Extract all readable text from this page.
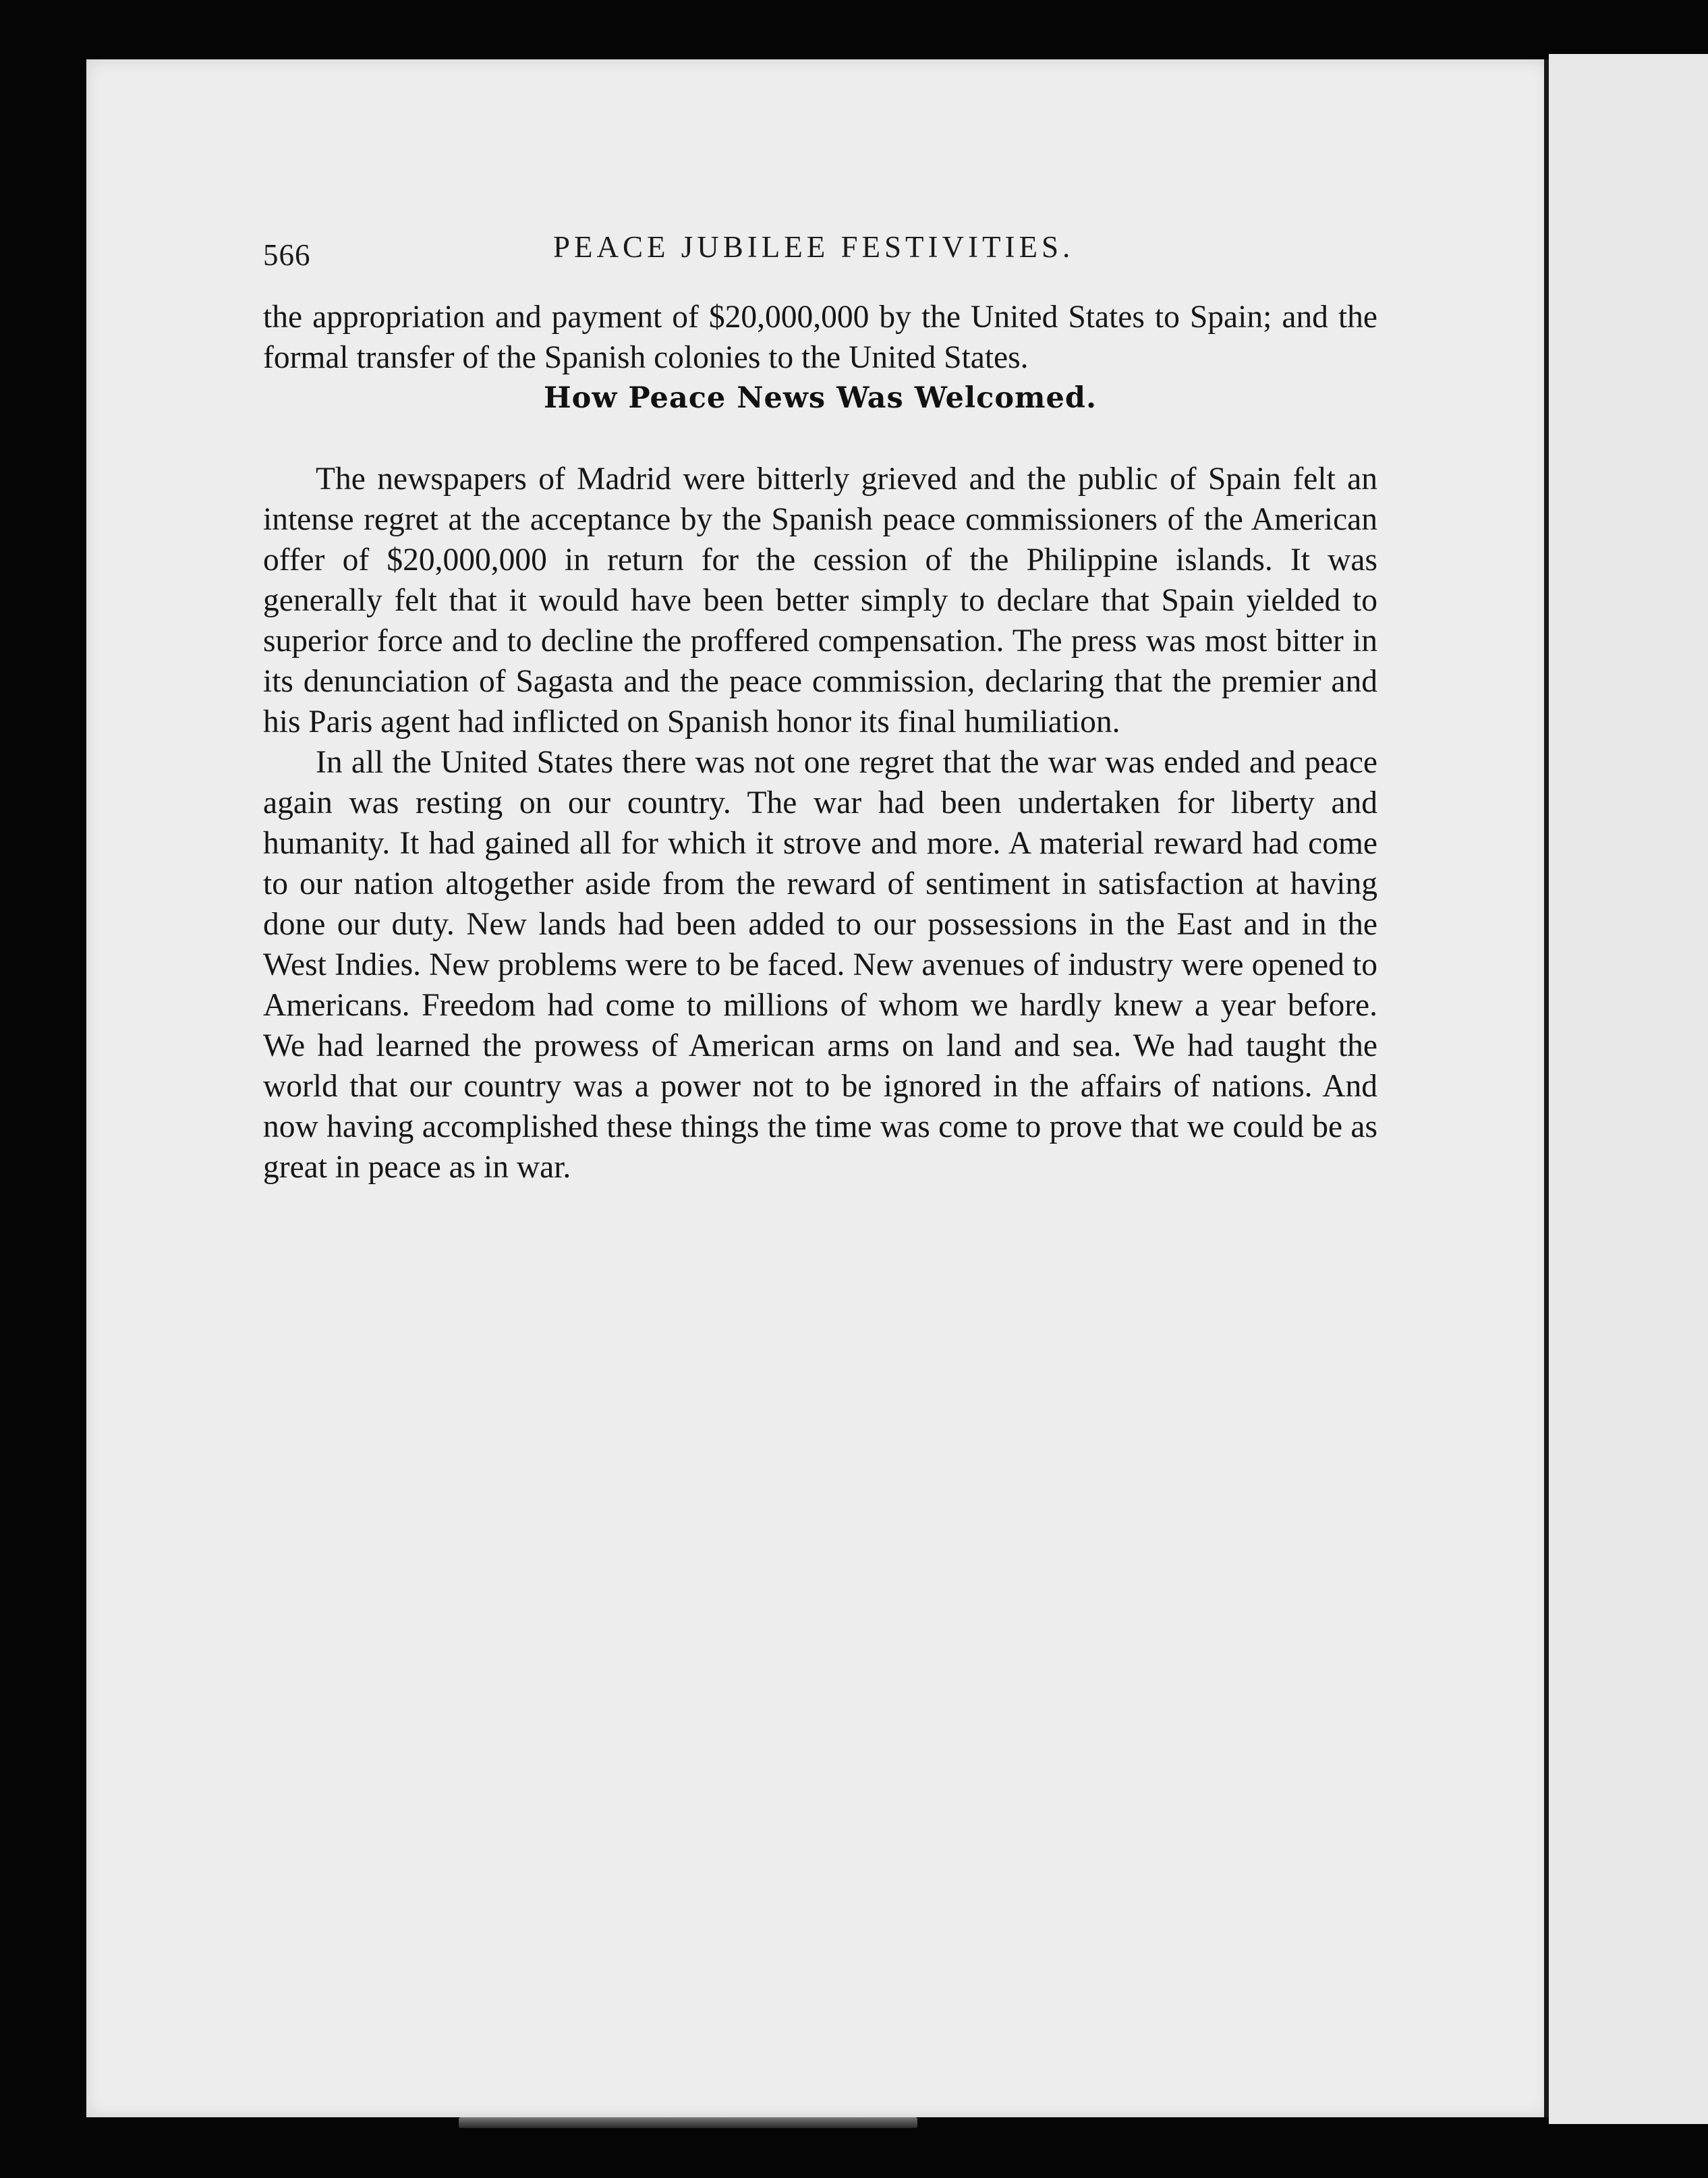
566	PEACE JUBILEE FESTIVITIES.

the appropriation and payment of $20,000,000 by the United States to Spain; and the formal transfer of the Spanish colonies to the United States.

How Peace News Was Welcomed.

The newspapers of Madrid were bitterly grieved and the public of Spain felt an intense regret at the acceptance by the Spanish peace commissioners of the American offer of $20,000,000 in return for the cession of the Philippine islands. It was generally felt that it would have been better simply to declare that Spain yielded to superior force and to decline the proffered compensation. The press was most bitter in its denunciation of Sagasta and the peace commission, declaring that the premier and his Paris agent had inflicted on Spanish honor its final humiliation.

In all the United States there was not one regret that the war was ended and peace again was resting on our country. The war had been undertaken for liberty and humanity. It had gained all for which it strove and more. A material reward had come to our nation altogether aside from the reward of sentiment in satisfaction at having done our duty. New lands had been added to our possessions in the East and in the West Indies. New problems were to be faced. New avenues of industry were opened to Americans. Freedom had come to millions of whom we hardly knew a year before. We had learned the prowess of American arms on land and sea. We had taught the world that our country was a power not to be ignored in the affairs of nations. And now having accomplished these things the time was come to prove that we could be as great in peace as in war.
